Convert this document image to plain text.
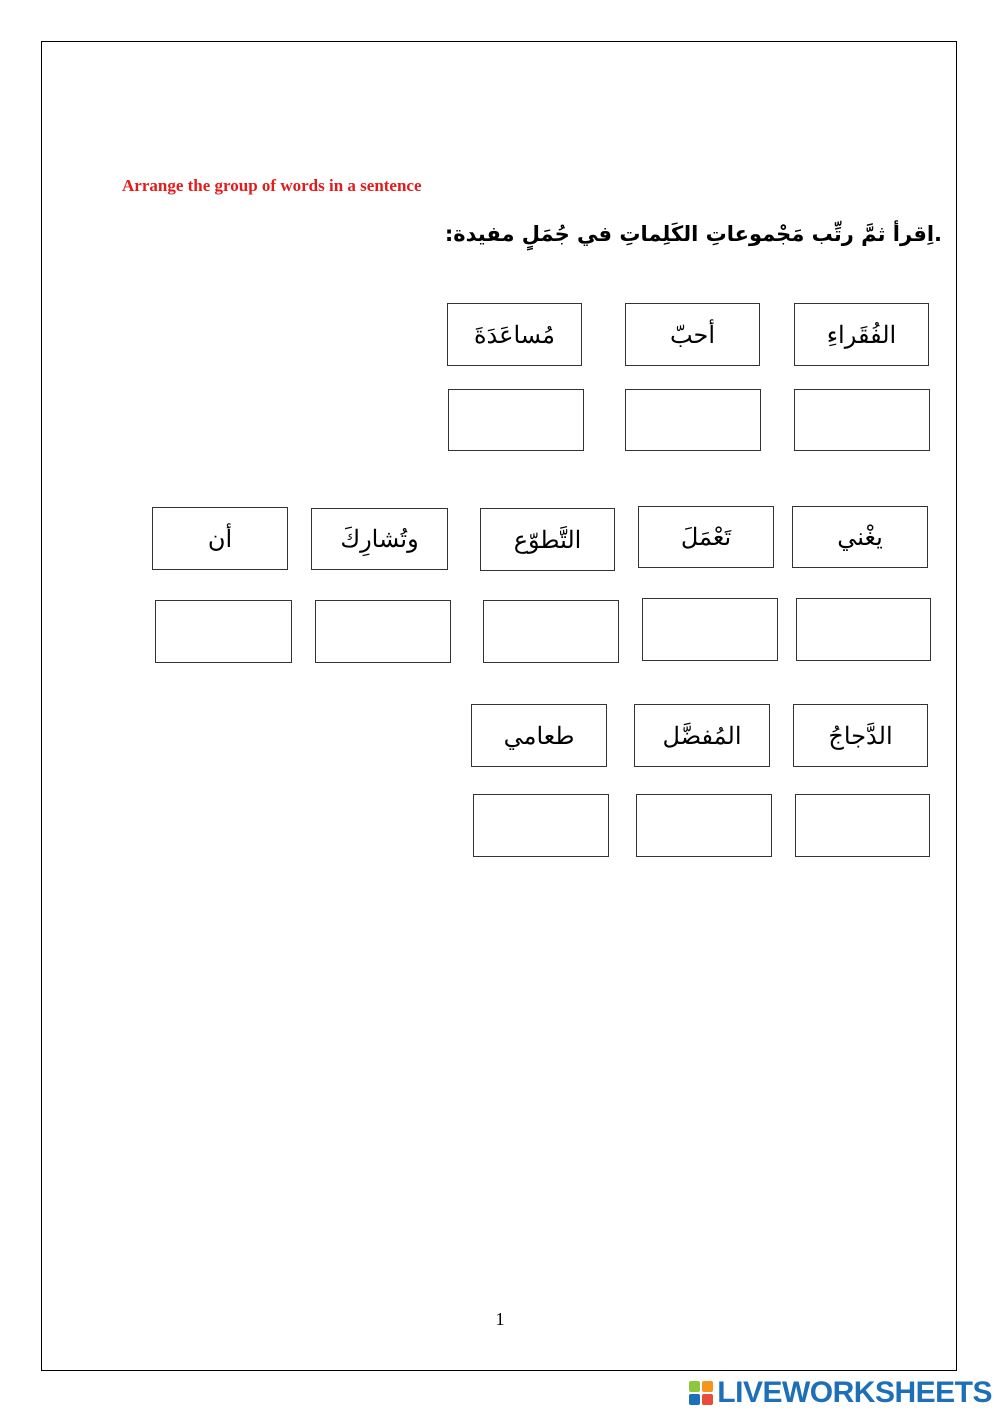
Arrange the group of words in a sentence

.اِقرأ ثمَّ رتِّب مَجْموعاتِ الكَلِماتِ في جُمَلٍ مفيدة:

الفُقَراءِ
أحبّ
مُساعَدَةَ
يغْني
تَعْمَلَ
التَّطوّع
وتُشارِكَ
أن
الدَّجاجُ
المُفضَّل
طعامي
1
LIVEWORKSHEETS
